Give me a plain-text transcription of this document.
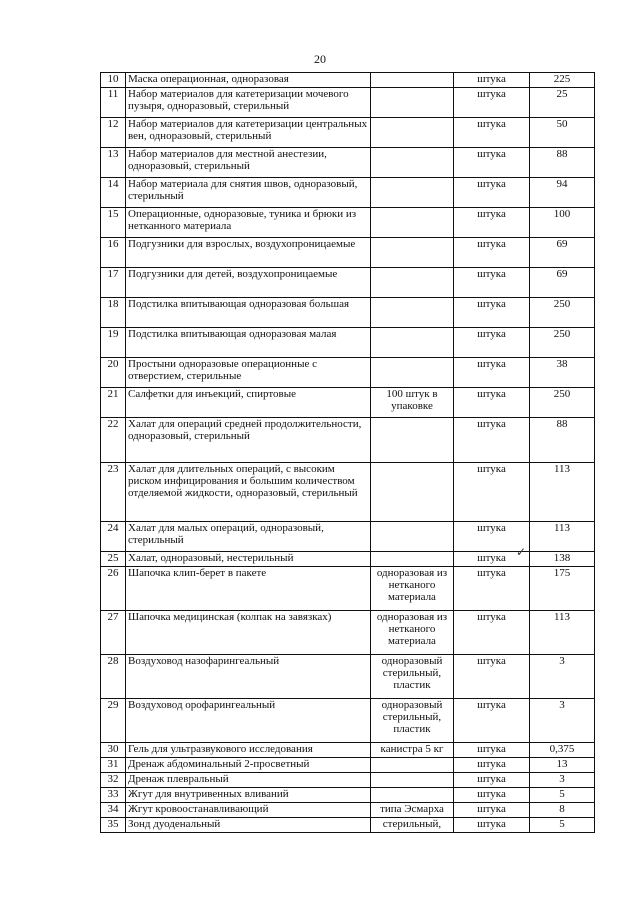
20
10	Маска операционная, одноразовая		штука	225
11	Набор материалов для катетеризации мочевого пузыря, одноразовый, стерильный		штука	25
12	Набор материалов для катетеризации центральных вен, одноразовый, стерильный		штука	50
13	Набор материалов для местной анестезии, одноразовый, стерильный		штука	88
14	Набор материала для снятия швов, одноразовый, стерильный		штука	94
15	Операционные, одноразовые, туника и брюки из нетканного материала		штука	100
16	Подгузники для взрослых, воздухопроницаемые		штука	69
17	Подгузники для детей, воздухопроницаемые		штука	69
18	Подстилка впитывающая одноразовая большая		штука	250
19	Подстилка впитывающая одноразовая малая		штука	250
20	Простыни одноразовые операционные с отверстием, стерильные		штука	38
21	Салфетки для инъекций, спиртовые	100 штук в упаковке	штука	250
22	Халат для операций средней продолжительности, одноразовый, стерильный		штука	88
23	Халат для длительных операций, с высоким риском инфицирования и большим количеством отделяемой жидкости, одноразовый, стерильный		штука	113
24	Халат для малых операций, одноразовый, стерильный		штука	113
25	Халат, одноразовый, нестерильный		штука	138
26	Шапочка клип-берет в пакете	одноразовая из нетканого материала	штука	175
27	Шапочка медицинская (колпак на завязках)	одноразовая из нетканого материала	штука	113
28	Воздуховод назофарингеальный	одноразовый стерильный, пластик	штука	3
29	Воздуховод орофарингеальный	одноразовый стерильный, пластик	штука	3
30	Гель для ультразвукового исследования	канистра 5 кг	штука	0,375
31	Дренаж абдоминальный 2-просветный		штука	13
32	Дренаж плевральный		штука	3
33	Жгут для внутривенных вливаний		штука	5
34	Жгут кровоостанавливающий	типа Эсмарха	штука	8
35	Зонд дуоденальный	стерильный,	штука	5
✓
